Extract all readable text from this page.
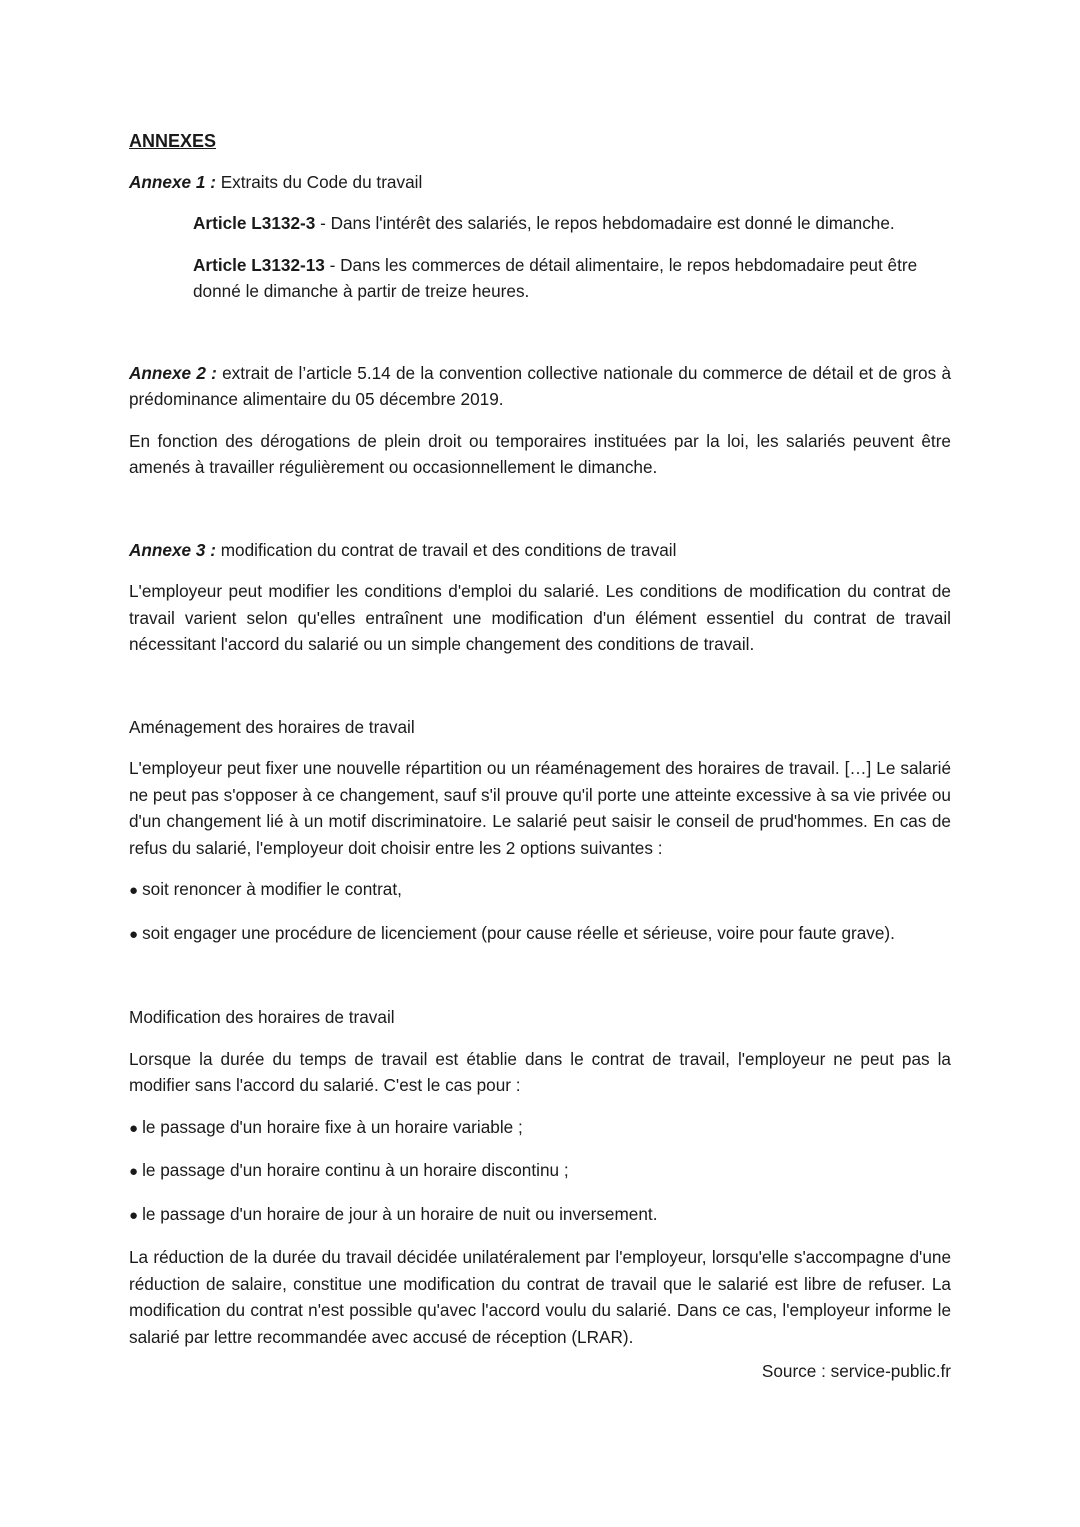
ANNEXES

Annexe 1 : Extraits du Code du travail

Article L3132-3 - Dans l'intérêt des salariés, le repos hebdomadaire est donné le dimanche.

Article L3132-13 - Dans les commerces de détail alimentaire, le repos hebdomadaire peut être donné le dimanche à partir de treize heures.

Annexe 2 : extrait de l’article 5.14 de la convention collective nationale du commerce de détail et de gros à prédominance alimentaire du 05 décembre 2019.

En fonction des dérogations de plein droit ou temporaires instituées par la loi, les salariés peuvent être amenés à travailler régulièrement ou occasionnellement le dimanche.

Annexe 3 : modification du contrat de travail et des conditions de travail

L'employeur peut modifier les conditions d'emploi du salarié. Les conditions de modification du contrat de travail varient selon qu'elles entraînent une modification d'un élément essentiel du contrat de travail nécessitant l'accord du salarié ou un simple changement des conditions de travail.

Aménagement des horaires de travail

L'employeur peut fixer une nouvelle répartition ou un réaménagement des horaires de travail. […] Le salarié ne peut pas s'opposer à ce changement, sauf s'il prouve qu'il porte une atteinte excessive à sa vie privée ou d'un changement lié à un motif discriminatoire. Le salarié peut saisir le conseil de prud'hommes. En cas de refus du salarié, l'employeur doit choisir entre les 2 options suivantes :

● soit renoncer à modifier le contrat,

● soit engager une procédure de licenciement (pour cause réelle et sérieuse, voire pour faute grave).

Modification des horaires de travail

Lorsque la durée du temps de travail est établie dans le contrat de travail, l'employeur ne peut pas la modifier sans l'accord du salarié. C'est le cas pour :

● le passage d'un horaire fixe à un horaire variable ;

● le passage d'un horaire continu à un horaire discontinu ;

● le passage d'un horaire de jour à un horaire de nuit ou inversement.

La réduction de la durée du travail décidée unilatéralement par l'employeur, lorsqu'elle s'accompagne d'une réduction de salaire, constitue une modification du contrat de travail que le salarié est libre de refuser. La modification du contrat n'est possible qu'avec l'accord voulu du salarié. Dans ce cas, l'employeur informe le salarié par lettre recommandée avec accusé de réception (LRAR).

Source : service-public.fr
